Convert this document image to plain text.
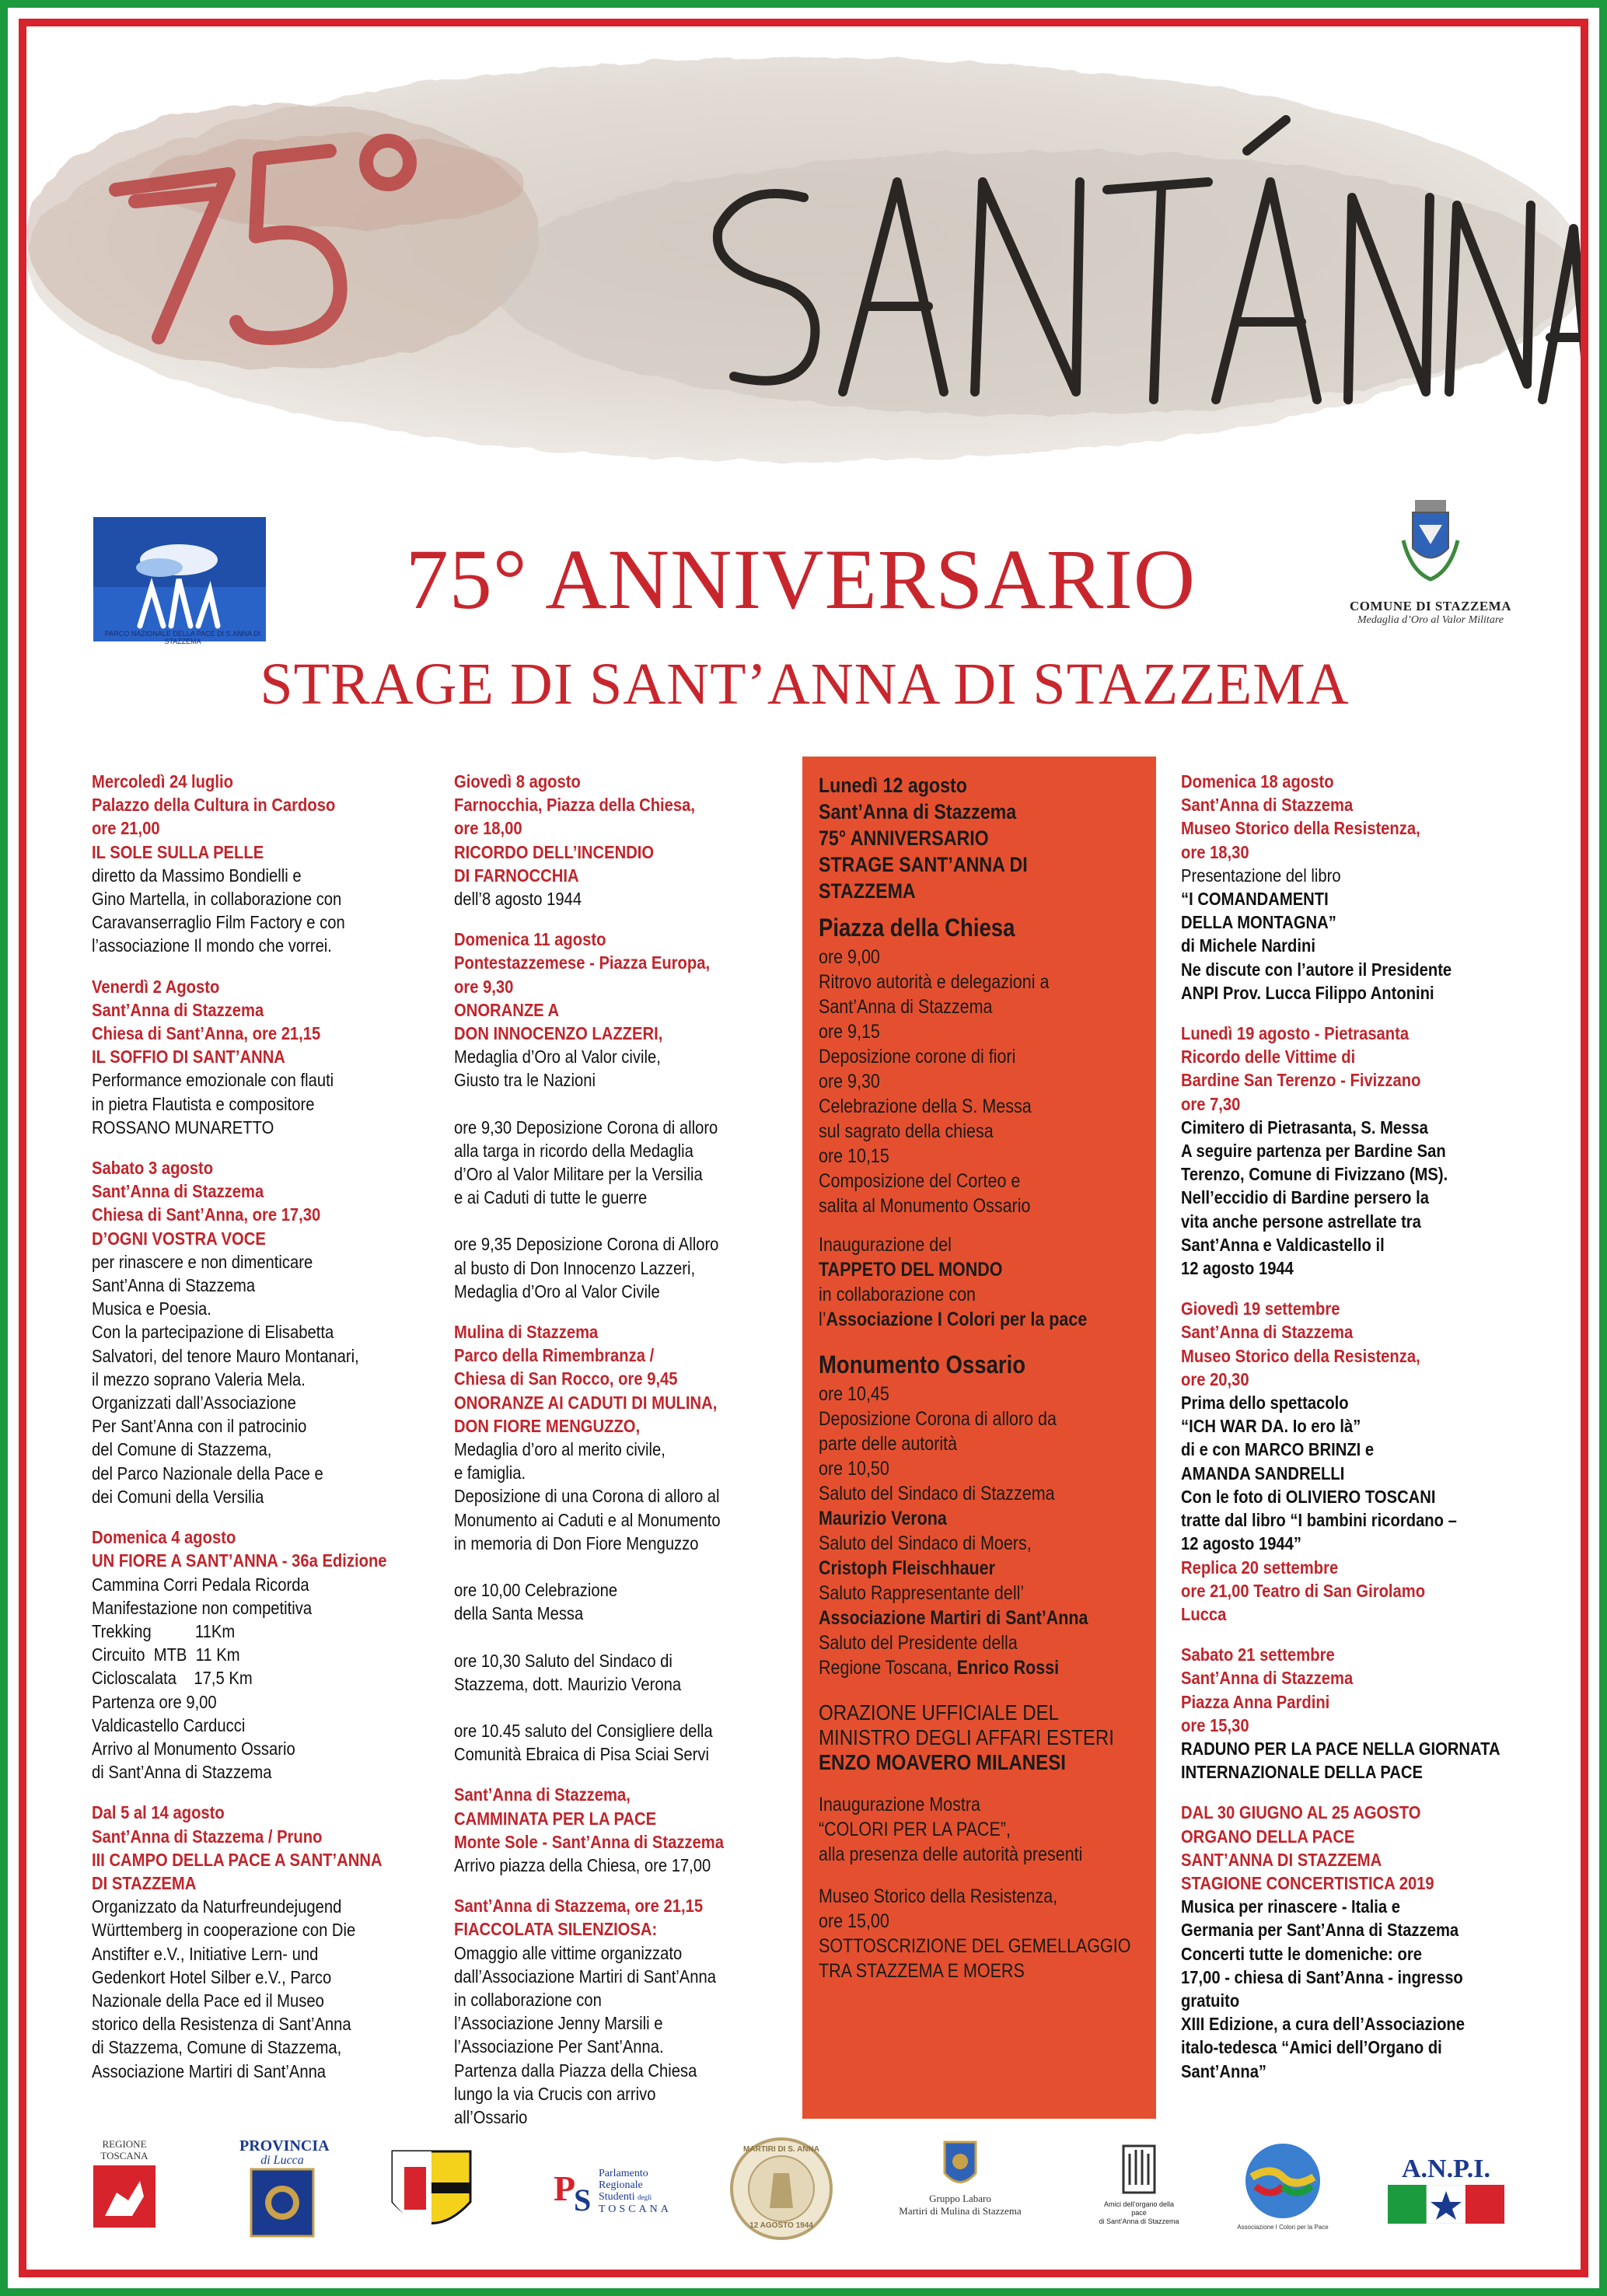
PARCO NAZIONALE DELLA PACE DI S.ANNA DI STAZZEMA
COMUNE DI STAZZEMA
Medaglia d’Oro al Valor Militare
75° ANNIVERSARIO
STRAGE DI SANT’ANNA DI STAZZEMA
Mercoledì 24 luglio
Palazzo della Cultura in Cardoso
ore 21,00
IL SOLE SULLA PELLE
diretto da Massimo Bondielli e
Gino Martella, in collaborazione con
Caravanserraglio Film Factory e con
l’associazione Il mondo che vorrei.
Venerdì 2 Agosto
Sant’Anna di Stazzema
Chiesa di Sant’Anna, ore 21,15
IL SOFFIO DI SANT’ANNA
Performance emozionale con flauti
in pietra Flautista e compositore
ROSSANO MUNARETTO
Sabato 3 agosto
Sant’Anna di Stazzema
Chiesa di Sant’Anna, ore 17,30
D’OGNI VOSTRA VOCE
per rinascere e non dimenticare
Sant’Anna di Stazzema
Musica e Poesia.
Con la partecipazione di Elisabetta
Salvatori, del tenore Mauro Montanari,
il mezzo soprano Valeria Mela.
Organizzati dall’Associazione
Per Sant’Anna con il patrocinio
del Comune di Stazzema,
del Parco Nazionale della Pace e
dei Comuni della Versilia
Domenica 4 agosto
UN FIORE A SANT’ANNA - 36a Edizione
Cammina Corri Pedala Ricorda
Manifestazione non competitiva
Trekking          11Km
Circuito  MTB  11 Km
Cicloscalata    17,5 Km
Partenza ore 9,00
Valdicastello Carducci
Arrivo al Monumento Ossario
di Sant’Anna di Stazzema
Dal 5 al 14 agosto
Sant’Anna di Stazzema / Pruno
III CAMPO DELLA PACE A SANT’ANNA
DI STAZZEMA
Organizzato da Naturfreundejugend
Württemberg in cooperazione con Die
Anstifter e.V., Initiative Lern- und
Gedenkort Hotel Silber e.V., Parco
Nazionale della Pace ed il Museo
storico della Resistenza di Sant’Anna
di Stazzema, Comune di Stazzema,
Associazione Martiri di Sant’Anna
Giovedì 8 agosto
Farnocchia, Piazza della Chiesa,
ore 18,00
RICORDO DELL’INCENDIO
DI FARNOCCHIA
dell’8 agosto 1944
Domenica 11 agosto
Pontestazzemese - Piazza Europa,
ore 9,30
ONORANZE A
DON INNOCENZO LAZZERI,
Medaglia d’Oro al Valor civile,
Giusto tra le Nazioni
ore 9,30 Deposizione Corona di alloro
alla targa in ricordo della Medaglia
d’Oro al Valor Militare per la Versilia
e ai Caduti di tutte le guerre
ore 9,35 Deposizione Corona di Alloro
al busto di Don Innocenzo Lazzeri,
Medaglia d’Oro al Valor Civile
Mulina di Stazzema
Parco della Rimembranza /
Chiesa di San Rocco, ore 9,45
ONORANZE AI CADUTI DI MULINA,
DON FIORE MENGUZZO,
Medaglia d’oro al merito civile,
e famiglia.
Deposizione di una Corona di alloro al
Monumento ai Caduti e al Monumento
in memoria di Don Fiore Menguzzo
ore 10,00 Celebrazione
della Santa Messa
ore 10,30 Saluto del Sindaco di
Stazzema, dott. Maurizio Verona
ore 10.45 saluto del Consigliere della
Comunità Ebraica di Pisa Sciai Servi
Sant’Anna di Stazzema,
CAMMINATA PER LA PACE
Monte Sole - Sant’Anna di Stazzema
Arrivo piazza della Chiesa, ore 17,00
Sant’Anna di Stazzema, ore 21,15
FIACCOLATA SILENZIOSA:
Omaggio alle vittime organizzato
dall’Associazione Martiri di Sant’Anna
in collaborazione con
l’Associazione Jenny Marsili e
l’Associazione Per Sant’Anna.
Partenza dalla Piazza della Chiesa
lungo la via Crucis con arrivo
all’Ossario
Lunedì 12 agosto
Sant’Anna di Stazzema
75° ANNIVERSARIO
STRAGE SANT’ANNA DI
STAZZEMA
Piazza della Chiesa
ore 9,00
Ritrovo autorità e delegazioni a
Sant’Anna di Stazzema
ore 9,15
Deposizione corone di fiori
ore 9,30
Celebrazione della S. Messa
sul sagrato della chiesa
ore 10,15
Composizione del Corteo e
salita al Monumento Ossario
Inaugurazione del
TAPPETO DEL MONDO
in collaborazione con
l’Associazione I Colori per la pace
Monumento Ossario
ore 10,45
Deposizione Corona di alloro da
parte delle autorità
ore 10,50
Saluto del Sindaco di Stazzema
Maurizio Verona
Saluto del Sindaco di Moers,
Cristoph Fleischhauer
Saluto Rappresentante dell’
Associazione Martiri di Sant’Anna
Saluto del Presidente della
Regione Toscana, Enrico Rossi
ORAZIONE UFFICIALE DEL
MINISTRO DEGLI AFFARI ESTERI
ENZO MOAVERO MILANESI
Inaugurazione Mostra
“COLORI PER LA PACE”,
alla presenza delle autorità presenti
Museo Storico della Resistenza,
ore 15,00
SOTTOSCRIZIONE DEL GEMELLAGGIO
TRA STAZZEMA E MOERS
Domenica 18 agosto
Sant’Anna di Stazzema
Museo Storico della Resistenza,
ore 18,30
Presentazione del libro
“I COMANDAMENTI
DELLA MONTAGNA”
di Michele Nardini
Ne discute con l’autore il Presidente
ANPI Prov. Lucca Filippo Antonini
Lunedì 19 agosto - Pietrasanta
Ricordo delle Vittime di
Bardine San Terenzo - Fivizzano
ore 7,30
Cimitero di Pietrasanta, S. Messa
A seguire partenza per Bardine San
Terenzo, Comune di Fivizzano (MS).
Nell’eccidio di Bardine persero la
vita anche persone astrellate tra
Sant’Anna e Valdicastello il
12 agosto 1944
Giovedì 19 settembre
Sant’Anna di Stazzema
Museo Storico della Resistenza,
ore 20,30
Prima dello spettacolo
“ICH WAR DA. Io ero là”
di e con MARCO BRINZI e
AMANDA SANDRELLI
Con le foto di OLIVIERO TOSCANI
tratte dal libro “I bambini ricordano –
12 agosto 1944”
Replica 20 settembre
ore 21,00 Teatro di San Girolamo
Lucca
Sabato 21 settembre
Sant’Anna di Stazzema
Piazza Anna Pardini
ore 15,30
RADUNO PER LA PACE NELLA GIORNATA
INTERNAZIONALE DELLA PACE
DAL 30 GIUGNO AL 25 AGOSTO
ORGANO DELLA PACE
SANT’ANNA DI STAZZEMA
STAGIONE CONCERTISTICA 2019
Musica per rinascere - Italia e
Germania per Sant’Anna di Stazzema
Concerti tutte le domeniche: ore
17,00 - chiesa di Sant’Anna - ingresso
gratuito
XIII Edizione, a cura dell’Associazione
italo-tedesca “Amici dell’Organo di
Sant’Anna”
REGIONE
TOSCANA
PROVINCIA
di Lucca
P
S
Parlamento
Regionale
Studenti degli
TOSCANA
MARTIRI DI S. ANNA
12 AGOSTO 1944
Gruppo Labaro
Martiri di Mulina di Stazzema
Amici dell’organo della pace
di Sant’Anna di Stazzema
Associazione I Colori per la Pace
A.N.P.I.
